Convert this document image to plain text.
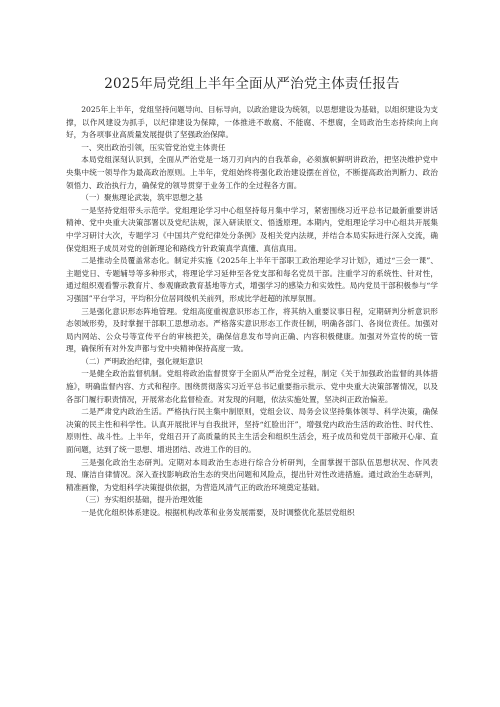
2025年局党组上半年全面从严治党主体责任报告

2025年上半年，党组坚持问题导向、目标导向，以政治建设为统领，以思想建设为基础，以组织建设为支撑，以作风建设为抓手，以纪律建设为保障，一体推进不敢腐、不能腐、不想腐，全局政治生态持续向上向好，为各项事业高质量发展提供了坚强政治保障。

一、突出政治引领，压实管党治党主体责任

本局党组深刻认识到，全面从严治党是一场刀刃向内的自我革命，必须旗帜鲜明讲政治，把坚决维护党中央集中统一领导作为最高政治原则。上半年，党组始终将强化政治建设摆在首位，不断提高政治判断力、政治领悟力、政治执行力，确保党的领导贯穿于业务工作的全过程各方面。

（一）聚焦理论武装，筑牢思想之基

一是坚持党组带头示范学。党组理论学习中心组坚持每月集中学习，紧密围绕习近平总书记最新重要讲话精神、党中央重大决策部署以及党纪法规，深入研读原文、悟透原理。本期内，党组理论学习中心组共开展集中学习研讨大次，专题学习《中国共产党纪律处分条例》及相关党内法规，并结合本局实际进行深入交流，确保党组班子成员对党的创新理论和路线方针政策真学真懂、真信真用。

二是推动全员覆盖常态化。制定并实施《2025年上半年干部职工政治理论学习计划》，通过“三会一课”、主题党日、专题辅导等多种形式，将理论学习延伸至各党支部和每名党员干部。注重学习的系统性、针对性，通过组织观看警示教育片、参观廉政教育基地等方式，增强学习的感染力和实效性。局内党员干部积极参与“学习强国”平台学习，平均积分位居同级机关前列，形成比学赶超的浓厚氛围。

三是强化意识形态阵地管理。党组高度重视意识形态工作，将其纳入重要议事日程，定期研判分析意识形态领域形势，及时掌握干部职工思想动态。严格落实意识形态工作责任制，明确各部门、各岗位责任。加强对局内网站、公众号等宣传平台的审核把关，确保信息发布导向正确、内容积极健康。加强对外宣传的统一管理，确保所有对外发声都与党中央精神保持高度一致。

（二）严明政治纪律，强化规矩意识

一是健全政治监督机制。党组将政治监督贯穿于全面从严治党全过程，制定《关于加强政治监督的具体措施》，明确监督内容、方式和程序。围绕贯彻落实习近平总书记重要指示批示、党中央重大决策部署情况，以及各部门履行职责情况，开展常态化监督检查。对发现的问题，依法实施处置，坚决纠正政治偏差。

二是严肃党内政治生活。严格执行民主集中制原则，党组会议、局务会议坚持集体领导、科学决策，确保决策的民主性和科学性。认真开展批评与自我批评，坚持“红脸出汗”，增强党内政治生活的政治性、时代性、原则性、战斗性。上半年，党组召开了高质量的民主生活会和组织生活会，班子成员和党员干部敞开心扉、直面问题，达到了统一思想、增进团结、改进工作的目的。

三是强化政治生态研判。定期对本局政治生态进行综合分析研判，全面掌握干部队伍思想状况、作风表现、廉洁自律情况。深入查找影响政治生态的突出问题和风险点，提出针对性改进措施。通过政治生态研判，精准画像，为党组科学决策提供依据，为营造风清气正的政治环境奠定基础。

（三）夯实组织基础，提升治理效能

一是优化组织体系建设。根据机构改革和业务发展需要，及时调整优化基层党组织
